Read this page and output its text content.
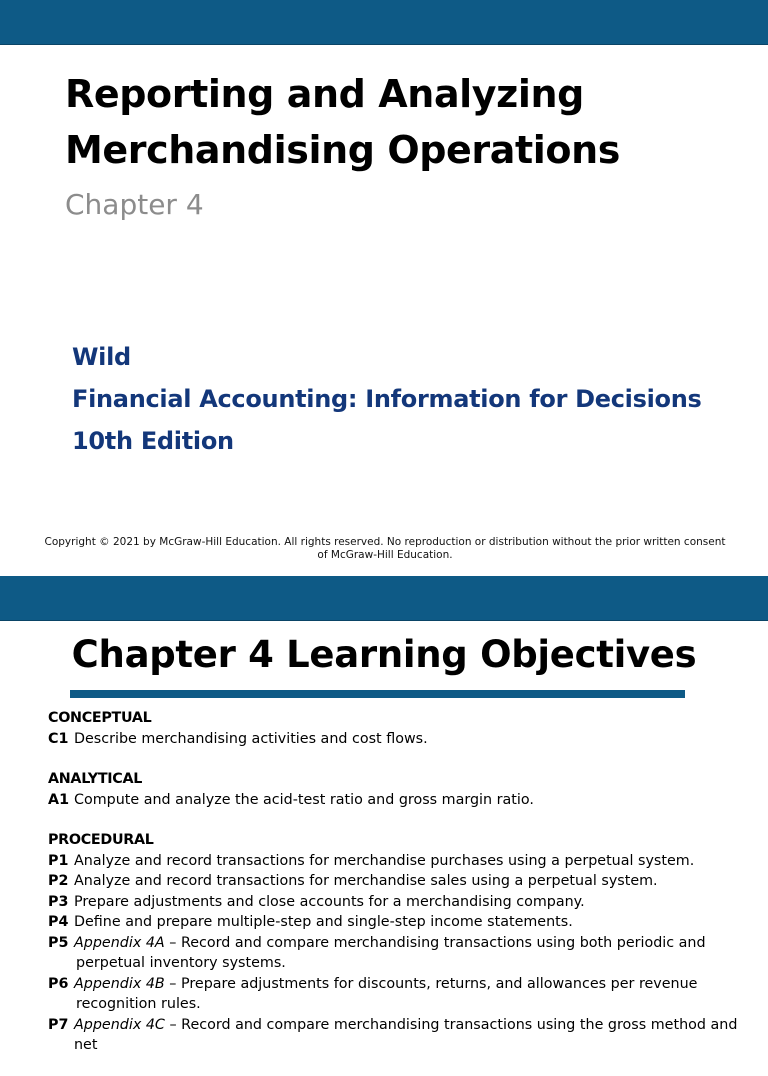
Reporting and Analyzing
Merchandising Operations
Chapter 4
Wild
Financial Accounting: Information for Decisions
10th Edition
Copyright © 2021 by McGraw-Hill Education. All rights reserved. No reproduction or distribution without the prior written consent
of McGraw-Hill Education.
Chapter 4 Learning Objectives
CONCEPTUAL
C1 Describe merchandising activities and cost flows.
ANALYTICAL
A1 Compute and analyze the acid-test ratio and gross margin ratio.
PROCEDURAL
P1 Analyze and record transactions for merchandise purchases using a perpetual system.
P2 Analyze and record transactions for merchandise sales using a perpetual system.
P3 Prepare adjustments and close accounts for a merchandising company.
P4 Define and prepare multiple-step and single-step income statements.
P5 Appendix 4A – Record and compare merchandising transactions using both periodic and
perpetual inventory systems.
P6 Appendix 4B – Prepare adjustments for discounts, returns, and allowances per revenue
recognition rules.
P7 Appendix 4C – Record and compare merchandising transactions using the gross method and net
